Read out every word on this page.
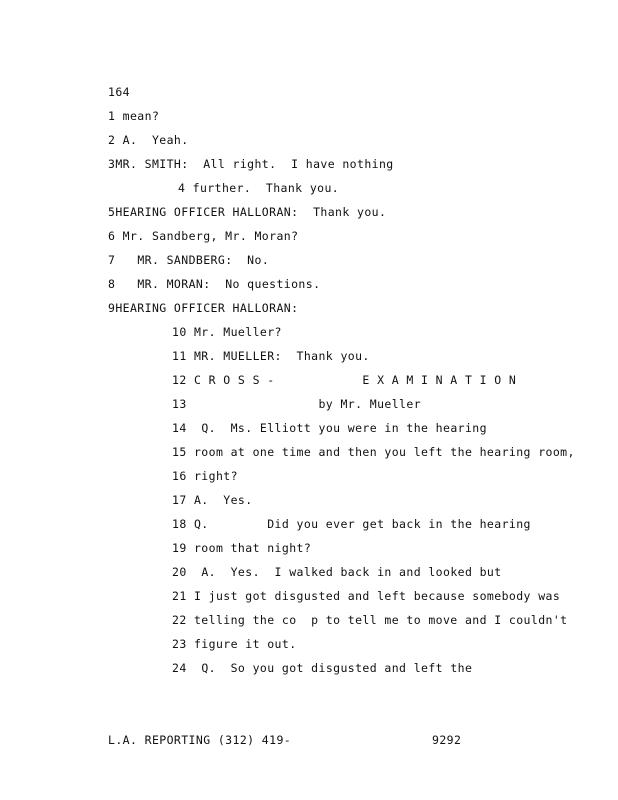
164
1 mean?
2 A.  Yeah.
3MR. SMITH:  All right.  I have nothing
4 further.  Thank you.
5HEARING OFFICER HALLORAN:  Thank you.
6 Mr. Sandberg, Mr. Moran?
7 MR. SANDBERG:  No.
8 MR. MORAN:  No questions.
9HEARING OFFICER HALLORAN:
10 Mr. Mueller?
11 MR. MUELLER:  Thank you.
12 C R O S S -            E X A M I N A T I O N
13                  by Mr. Mueller
14 Q.  Ms. Elliott you were in the hearing
15 room at one time and then you left the hearing room,
16 right?
17 A.  Yes.
18 Q.        Did you ever get back in the hearing
19 room that night?
20 A.  Yes.  I walked back in and looked but
21 I just got disgusted and left because somebody was
22 telling the co  p to tell me to move and I couldn't
23 figure it out.
24 Q.  So you got disgusted and left the
L.A. REPORTING (312) 419-	9292
